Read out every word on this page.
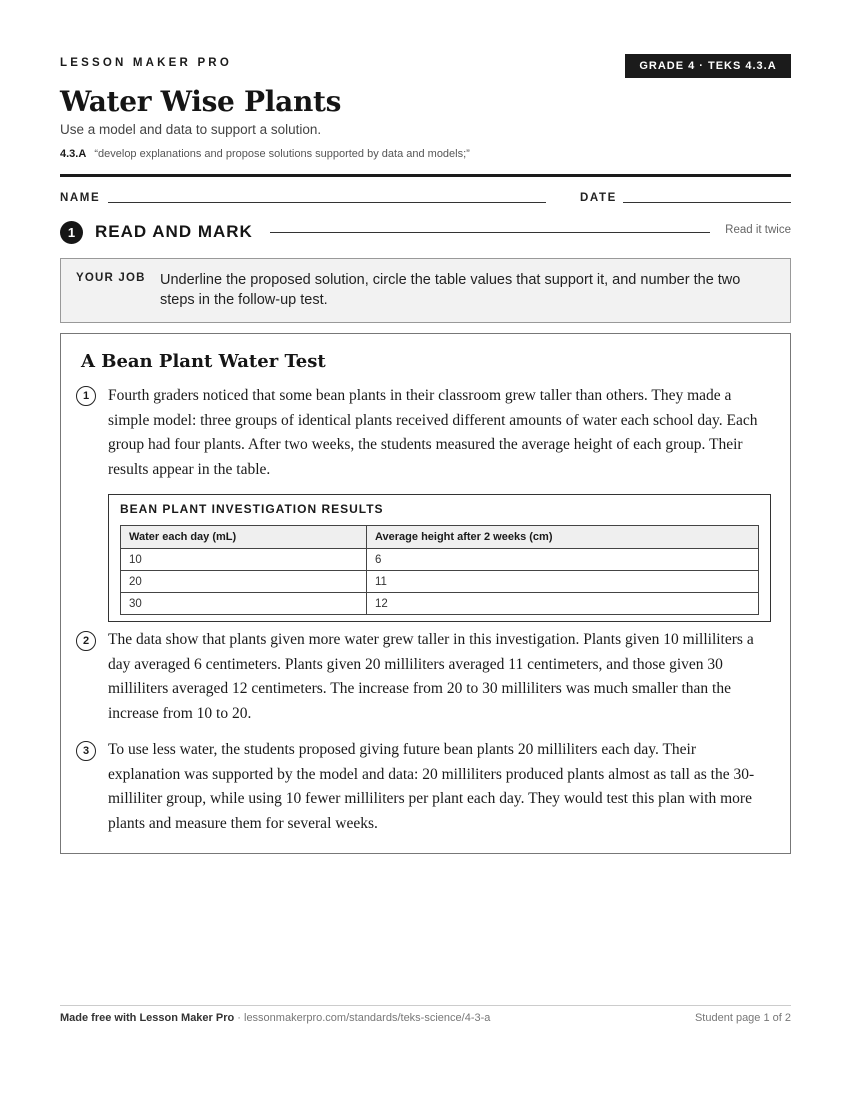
LESSON MAKER PRO	GRADE 4 · TEKS 4.3.A
Water Wise Plants
Use a model and data to support a solution.
4.3.A “develop explanations and propose solutions supported by data and models;”
NAME	DATE
1	READ AND MARK	Read it twice
YOUR JOB Underline the proposed solution, circle the table values that support it, and number the two steps in the follow-up test.
A Bean Plant Water Test
1	Fourth graders noticed that some bean plants in their classroom grew taller than others. They made a simple model: three groups of identical plants received different amounts of water each school day. Each group had four plants. After two weeks, the students measured the average height of each group. Their results appear in the table.
BEAN PLANT INVESTIGATION RESULTS
Water each day (mL)	Average height after 2 weeks (cm)
10	6
20	11
30	12
2	The data show that plants given more water grew taller in this investigation. Plants given 10 milliliters a day averaged 6 centimeters. Plants given 20 milliliters averaged 11 centimeters, and those given 30 milliliters averaged 12 centimeters. The increase from 20 to 30 milliliters was much smaller than the increase from 10 to 20.
3	To use less water, the students proposed giving future bean plants 20 milliliters each day. Their explanation was supported by the model and data: 20 milliliters produced plants almost as tall as the 30-milliliter group, while using 10 fewer milliliters per plant each day. They would test this plan with more plants and measure them for several weeks.
Made free with Lesson Maker Pro · lessonmakerpro.com/standards/teks-science/4-3-a	Student page 1 of 2
